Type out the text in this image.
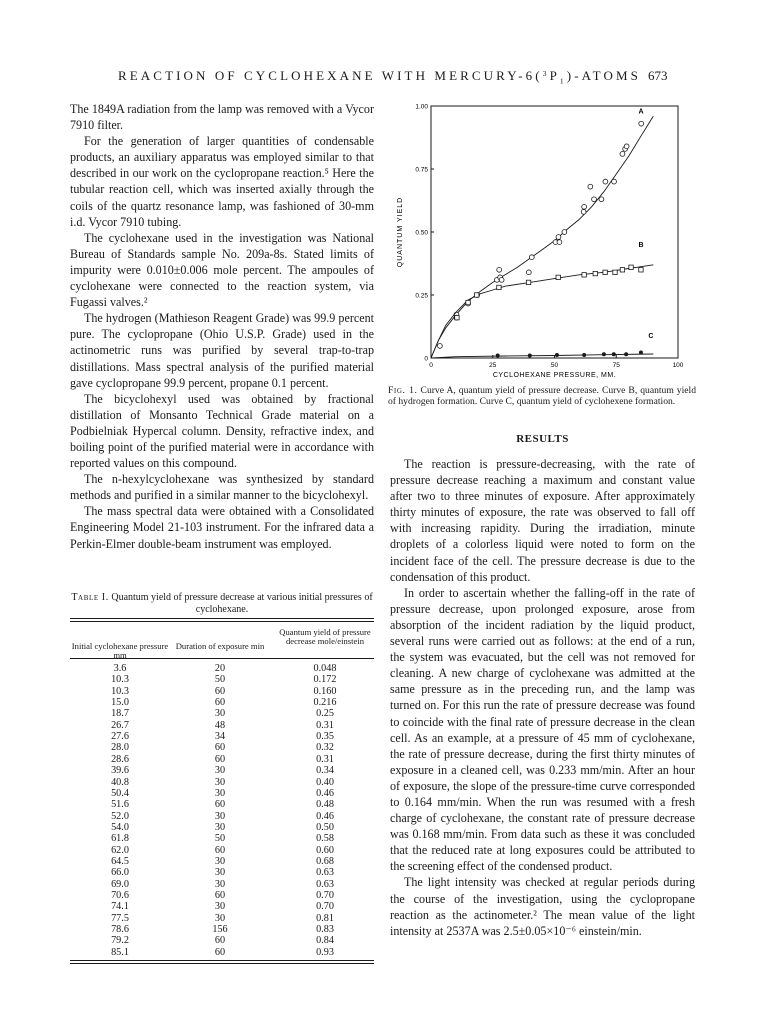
REACTION OF CYCLOHEXANE WITH MERCURY-$6(^3P_1)$-ATOMS 673

The 1849A radiation from the lamp was removed with a Vycor 7910 filter.

For the generation of larger quantities of condensable products, an auxiliary apparatus was employed similar to that described in our work on the cyclopropane reaction.⁵ Here the tubular reaction cell, which was inserted axially through the coils of the quartz resonance lamp, was fashioned of 30-mm i.d. Vycor 7910 tubing.

The cyclohexane used in the investigation was National Bureau of Standards sample No. 209a-8s. Stated limits of impurity were 0.010±0.006 mole percent. The ampoules of cyclohexane were connected to the reaction system, via Fugassi valves.²

The hydrogen (Mathieson Reagent Grade) was 99.9 percent pure. The cyclopropane (Ohio U.S.P. Grade) used in the actinometric runs was purified by several trap-to-trap distillations. Mass spectral analysis of the purified material gave cyclopropane 99.9 percent, propane 0.1 percent.

The bicyclohexyl used was obtained by fractional distillation of Monsanto Technical Grade material on a Podbielniak Hypercal column. Density, refractive index, and boiling point of the purified material were in accordance with reported values on this compound.

The n-hexylcyclohexane was synthesized by standard methods and purified in a similar manner to the bicyclohexyl.

The mass spectral data were obtained with a Consolidated Engineering Model 21-103 instrument. For the infrared data a Perkin-Elmer double-beam instrument was employed.

0	25	50	75	100
0
0.25
0.50
0.75
1.00
CYCLOHEXANE PRESSURE, MM.
QUANTUM YIELD
A
B
C
Fig. 1. Curve A, quantum yield of pressure decrease. Curve B, quantum yield of hydrogen formation. Curve C, quantum yield of cyclohexene formation.
RESULTS

The reaction is pressure-decreasing, with the rate of pressure decrease reaching a maximum and constant value after two to three minutes of exposure. After approximately thirty minutes of exposure, the rate was observed to fall off with increasing rapidity. During the irradiation, minute droplets of a colorless liquid were noted to form on the incident face of the cell. The pressure decrease is due to the condensation of this product.

In order to ascertain whether the falling-off in the rate of pressure decrease, upon prolonged exposure, arose from absorption of the incident radiation by the liquid product, several runs were carried out as follows: at the end of a run, the system was evacuated, but the cell was not removed for cleaning. A new charge of cyclohexane was admitted at the same pressure as in the preceding run, and the lamp was turned on. For this run the rate of pressure decrease was found to coincide with the final rate of pressure decrease in the clean cell. As an example, at a pressure of 45 mm of cyclohexane, the rate of pressure decrease, during the first thirty minutes of exposure in a cleaned cell, was 0.233 mm/min. After an hour of exposure, the slope of the pressure-time curve corresponded to 0.164 mm/min. When the run was resumed with a fresh charge of cyclohexane, the constant rate of pressure decrease was 0.168 mm/min. From data such as these it was concluded that the reduced rate at long exposures could be attributed to the screening effect of the condensed product.

The light intensity was checked at regular periods during the course of the investigation, using the cyclopropane reaction as the actinometer.² The mean value of the light intensity at 2537A was 2.5±0.05×10⁻⁶ einstein/min.

Table I. Quantum yield of pressure decrease at various initial pressures of cyclohexane.
Initial cyclohexane pressure mm
Duration of exposure min
Quantum yield of pressure decrease mole/einstein
3.6	20	0.048
10.3	50	0.172
10.3	60	0.160
15.0	60	0.216
18.7	30	0.25
26.7	48	0.31
27.6	34	0.35
28.0	60	0.32
28.6	60	0.31
39.6	30	0.34
40.8	30	0.40
50.4	30	0.46
51.6	60	0.48
52.0	30	0.46
54.0	30	0.50
61.8	50	0.58
62.0	60	0.60
64.5	30	0.68
66.0	30	0.63
69.0	30	0.63
70.6	60	0.70
74.1	30	0.70
77.5	30	0.81
78.6	156	0.83
79.2	60	0.84
85.1	60	0.93
